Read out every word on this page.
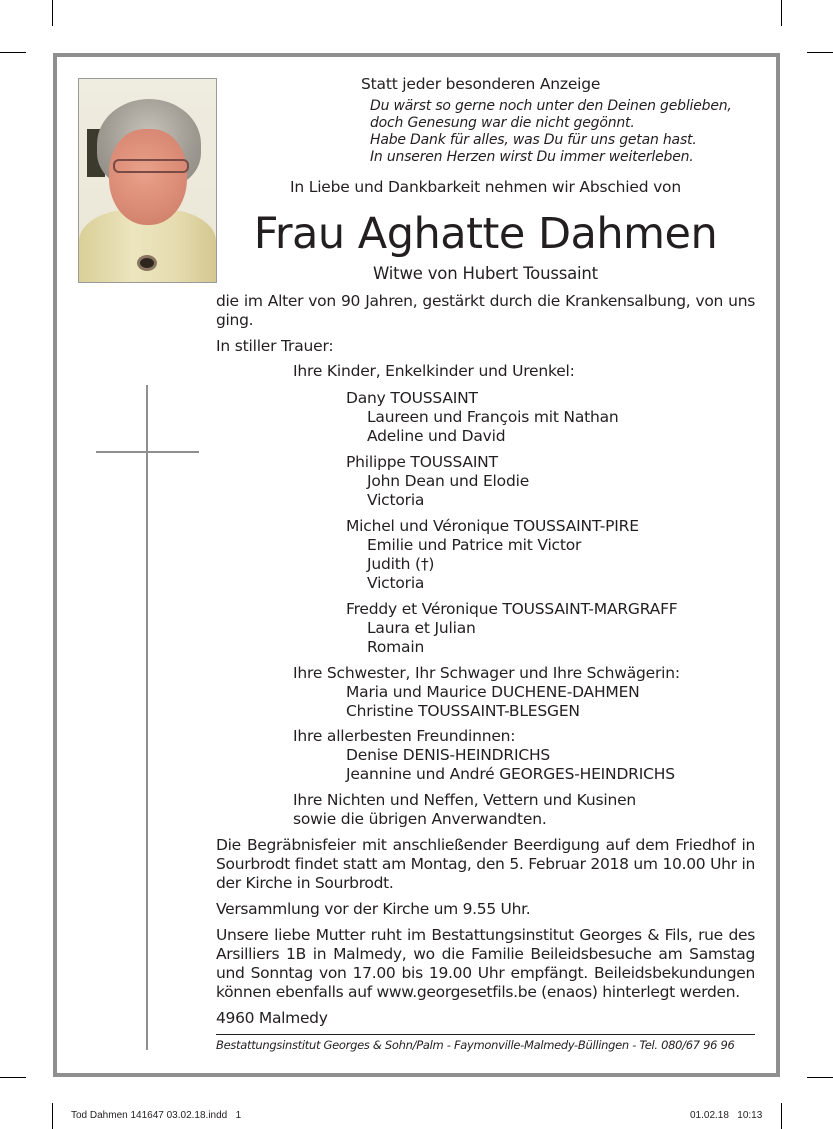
Statt jeder besonderen Anzeige
Du wärst so gerne noch unter den Deinen geblieben,
doch Genesung war die nicht gegönnt.
Habe Dank für alles, was Du für uns getan hast.
In unseren Herzen wirst Du immer weiterleben.
In Liebe und Dankbarkeit nehmen wir Abschied von
Frau Aghatte Dahmen
Witwe von Hubert Toussaint
die im Alter von 90 Jahren, gestärkt durch die Krankensalbung, von uns ging.
In stiller Trauer:
Ihre Kinder, Enkelkinder und Urenkel:
Dany TOUSSAINT
Laureen und François mit Nathan
Adeline und David
Philippe TOUSSAINT
John Dean und Elodie
Victoria
Michel und Véronique TOUSSAINT-PIRE
Emilie und Patrice mit Victor
Judith (†)
Victoria
Freddy et Véronique TOUSSAINT-MARGRAFF
Laura et Julian
Romain
Ihre Schwester, Ihr Schwager und Ihre Schwägerin:
Maria und Maurice DUCHENE-DAHMEN
Christine TOUSSAINT-BLESGEN
Ihre allerbesten Freundinnen:
Denise DENIS-HEINDRICHS
Jeannine und André GEORGES-HEINDRICHS
Ihre Nichten und Neffen, Vettern und Kusinen
sowie die übrigen Anverwandten.
Die Begräbnisfeier mit anschließender Beerdigung auf dem Friedhof in Sourbrodt findet statt am Montag, den 5. Februar 2018 um 10.00 Uhr in der Kirche in Sourbrodt.
Versammlung vor der Kirche um 9.55 Uhr.
Unsere liebe Mutter ruht im Bestattungsinstitut Georges & Fils, rue des Arsilliers 1B in Malmedy, wo die Familie Beileidsbesuche am Samstag und Sonntag von 17.00 bis 19.00 Uhr empfängt. Beileidsbekundungen können ebenfalls auf www.georgesetfils.be (enaos) hinterlegt werden.
4960 Malmedy
Bestattungsinstitut Georges & Sohn/Palm - Faymonville-Malmedy-Büllingen - Tel. 080/67 96 96
Tod Dahmen 141647 03.02.18.indd   1	01.02.18   10:13
